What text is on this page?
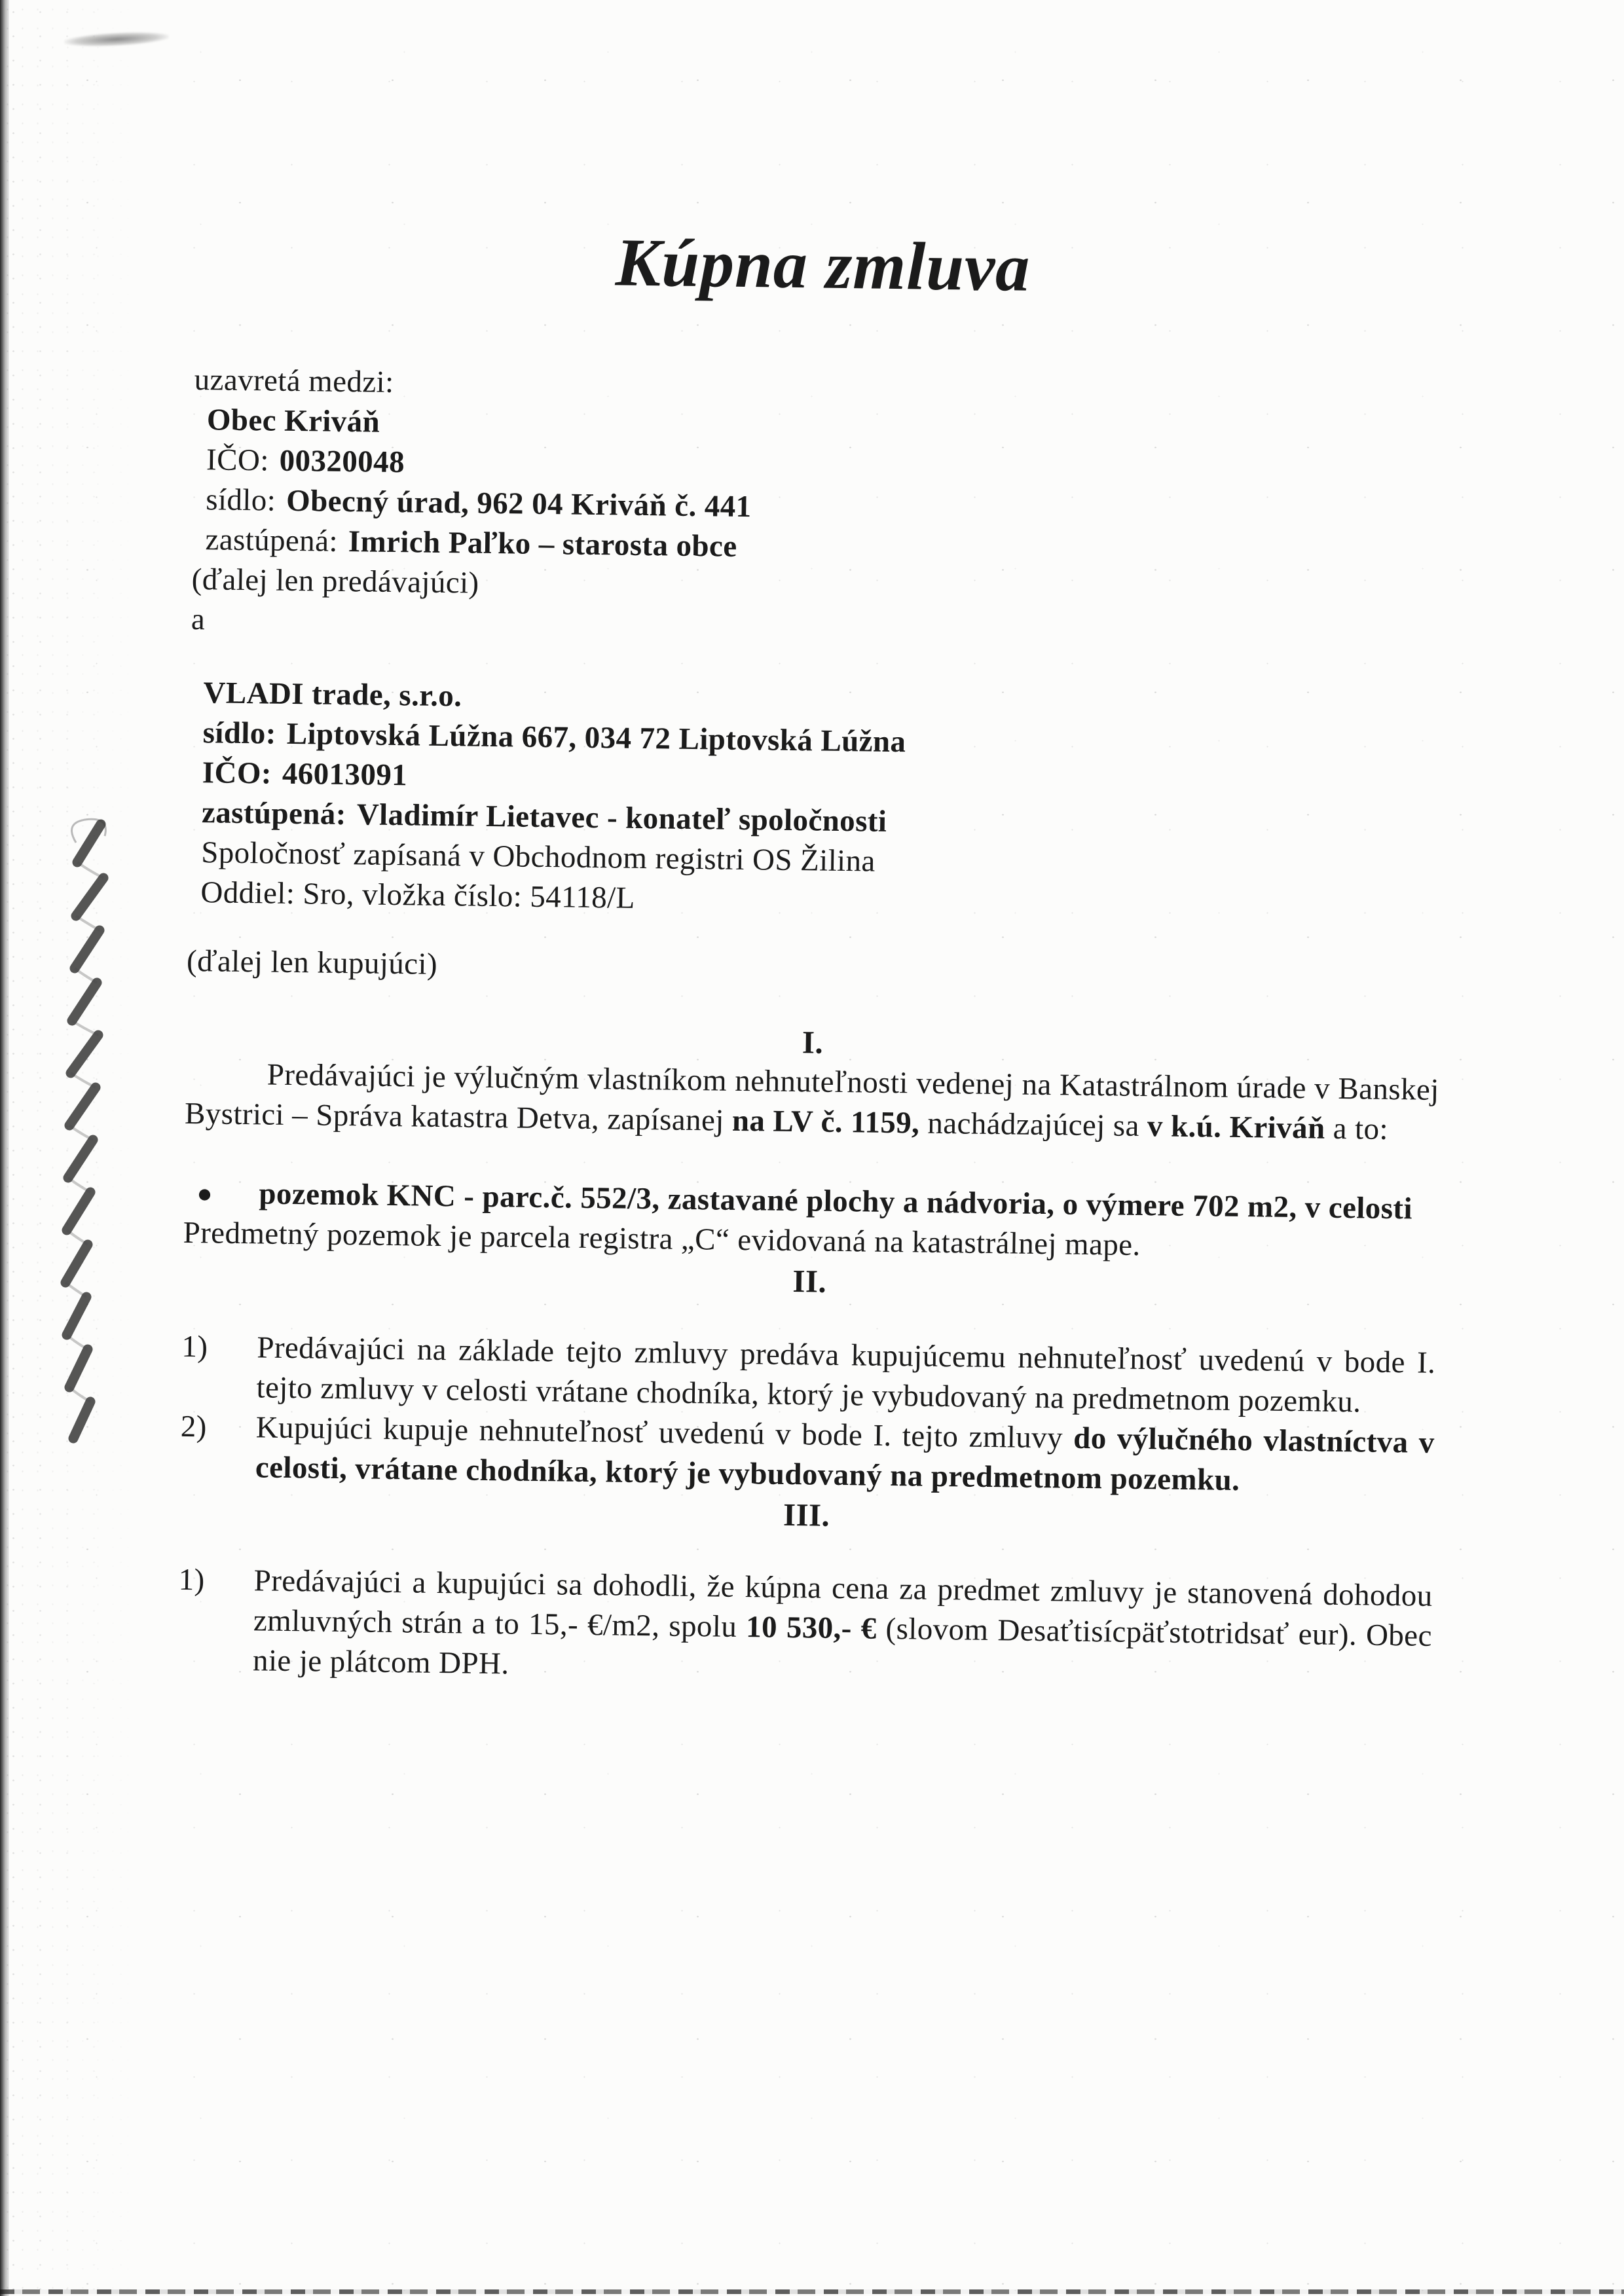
Kúpna zmluva

uzavretá medzi:

Obec Kriváň

IČO: 00320048

sídlo: Obecný úrad, 962 04 Kriváň č. 441

zastúpená: Imrich Paľko – starosta obce

(ďalej len predávajúci)

a

VLADI trade, s.r.o.

sídlo: Liptovská Lúžna 667, 034 72 Liptovská Lúžna

IČO: 46013091

zastúpená: Vladimír Lietavec - konateľ spoločnosti

Spoločnosť zapísaná v Obchodnom registri OS Žilina

Oddiel: Sro, vložka číslo: 54118/L

(ďalej len kupujúci)

I.

Predávajúci je výlučným vlastníkom nehnuteľnosti vedenej na Katastrálnom úrade v Banskej Bystrici – Správa katastra Detva, zapísanej na LV č. 1159, nachádzajúcej sa v k.ú. Kriváň a to:

●	pozemok KNC - parc.č. 552/3, zastavané plochy a nádvoria, o výmere 702 m2, v celosti

Predmetný pozemok je parcela registra „C“ evidovaná na katastrálnej mape.

II.

1)	Predávajúci na základe tejto zmluvy predáva kupujúcemu nehnuteľnosť uvedenú v bode I. tejto zmluvy v celosti vrátane chodníka, ktorý je vybudovaný na predmetnom pozemku.
2)	Kupujúci kupuje nehnuteľnosť uvedenú v bode I. tejto zmluvy do výlučného vlastníctva v celosti, vrátane chodníka, ktorý je vybudovaný na predmetnom pozemku.

III.

1)	Predávajúci a kupujúci sa dohodli, že kúpna cena za predmet zmluvy je stanovená dohodou zmluvných strán a to 15,- €/m2, spolu 10 530,- € (slovom Desaťtisícpäťstotridsať eur). Obec nie je plátcom DPH.
